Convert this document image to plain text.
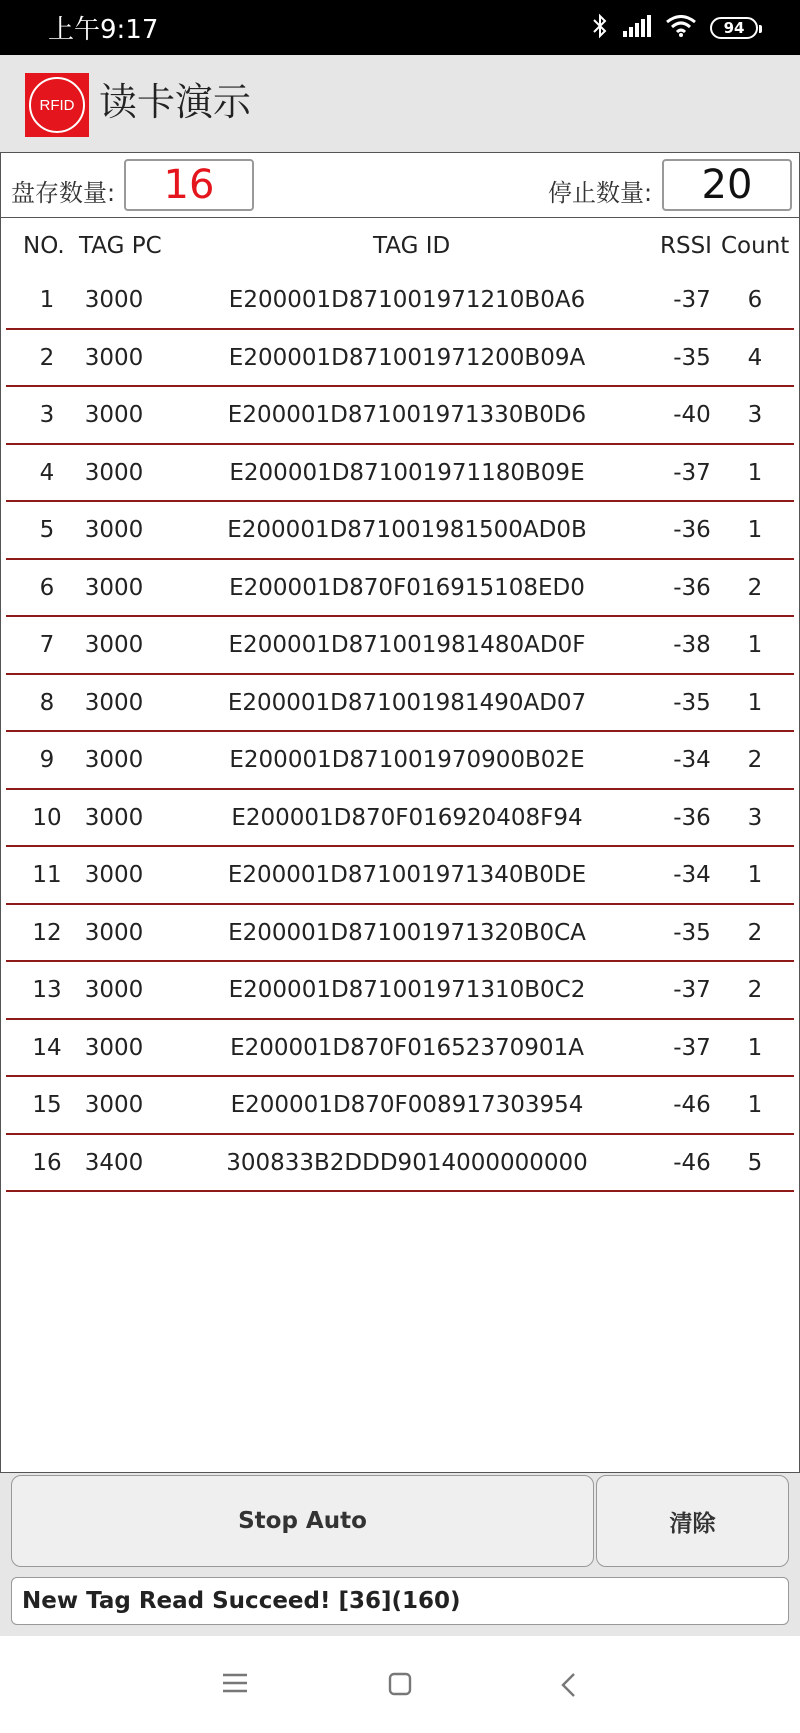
上午9:17	94
RFID 读卡演示
盘存数量: 16	停止数量: 20
NO. TAG PC	TAG ID	RSSI Count
1 3000	E200001D871001971210B0A6	-37 6
2 3000	E200001D871001971200B09A	-35 4
3 3000	E200001D871001971330B0D6	-40 3
4 3000	E200001D871001971180B09E	-37 1
5 3000	E200001D871001981500AD0B	-36 1
6 3000	E200001D870F016915108ED0	-36 2
7 3000	E200001D871001981480AD0F	-38 1
8 3000	E200001D871001981490AD07	-35 1
9 3000	E200001D871001970900B02E	-34 2
10 3000	E200001D870F016920408F94	-36 3
11 3000	E200001D871001971340B0DE	-34 1
12 3000	E200001D871001971320B0CA	-35 2
13 3000	E200001D871001971310B0C2	-37 2
14 3000	E200001D870F01652370901A	-37 1
15 3000	E200001D870F008917303954	-46 1
16 3400	300833B2DDD9014000000000	-46 5
Stop Auto	清除
New Tag Read Succeed! [36](160)
